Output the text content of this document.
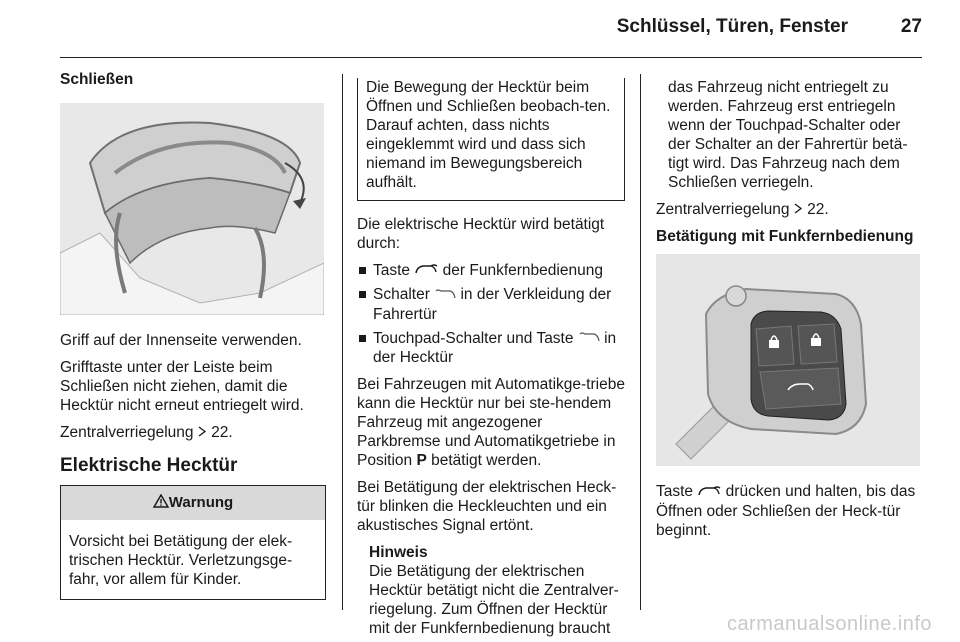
Schlüssel, Türen, Fenster	27
Schließen

Griff auf der Innenseite verwenden.

Grifftaste unter der Leiste beim Schließen nicht ziehen, damit die Hecktür nicht erneut entriegelt wird.

Zentralverriegelung  22.

Elektrische Hecktür
Warnung
Vorsicht bei Betätigung der elek-trischen Hecktür. Verletzungsge-fahr, vor allem für Kinder.
Die Bewegung der Hecktür beim Öffnen und Schließen beobach-ten. Darauf achten, dass nichts eingeklemmt wird und dass sich niemand im Bewegungsbereich aufhält.

Die elektrische Hecktür wird betätigt durch:

Taste  der Funkfernbedienung
Schalter  in der Verkleidung der Fahrertür
Touchpad-Schalter und Taste  in der Hecktür

Bei Fahrzeugen mit Automatikge-triebe kann die Hecktür nur bei ste-hendem Fahrzeug mit angezogener Parkbremse und Automatikgetriebe in Position P betätigt werden.

Bei Betätigung der elektrischen Heck-tür blinken die Heckleuchten und ein akustisches Signal ertönt.

Hinweis
Die Betätigung der elektrischen Hecktür betätigt nicht die Zentralver-riegelung. Zum Öffnen der Hecktür mit der Funkfernbedienung braucht

das Fahrzeug nicht entriegelt zu werden. Fahrzeug erst entriegeln wenn der Touchpad-Schalter oder der Schalter an der Fahrertür betä-tigt wird. Das Fahrzeug nach dem Schließen verriegeln.

Zentralverriegelung  22.

Betätigung mit Funkfernbedienung

Taste  drücken und halten, bis das Öffnen oder Schließen der Heck-tür beginnt.

carmanualsonline.info
